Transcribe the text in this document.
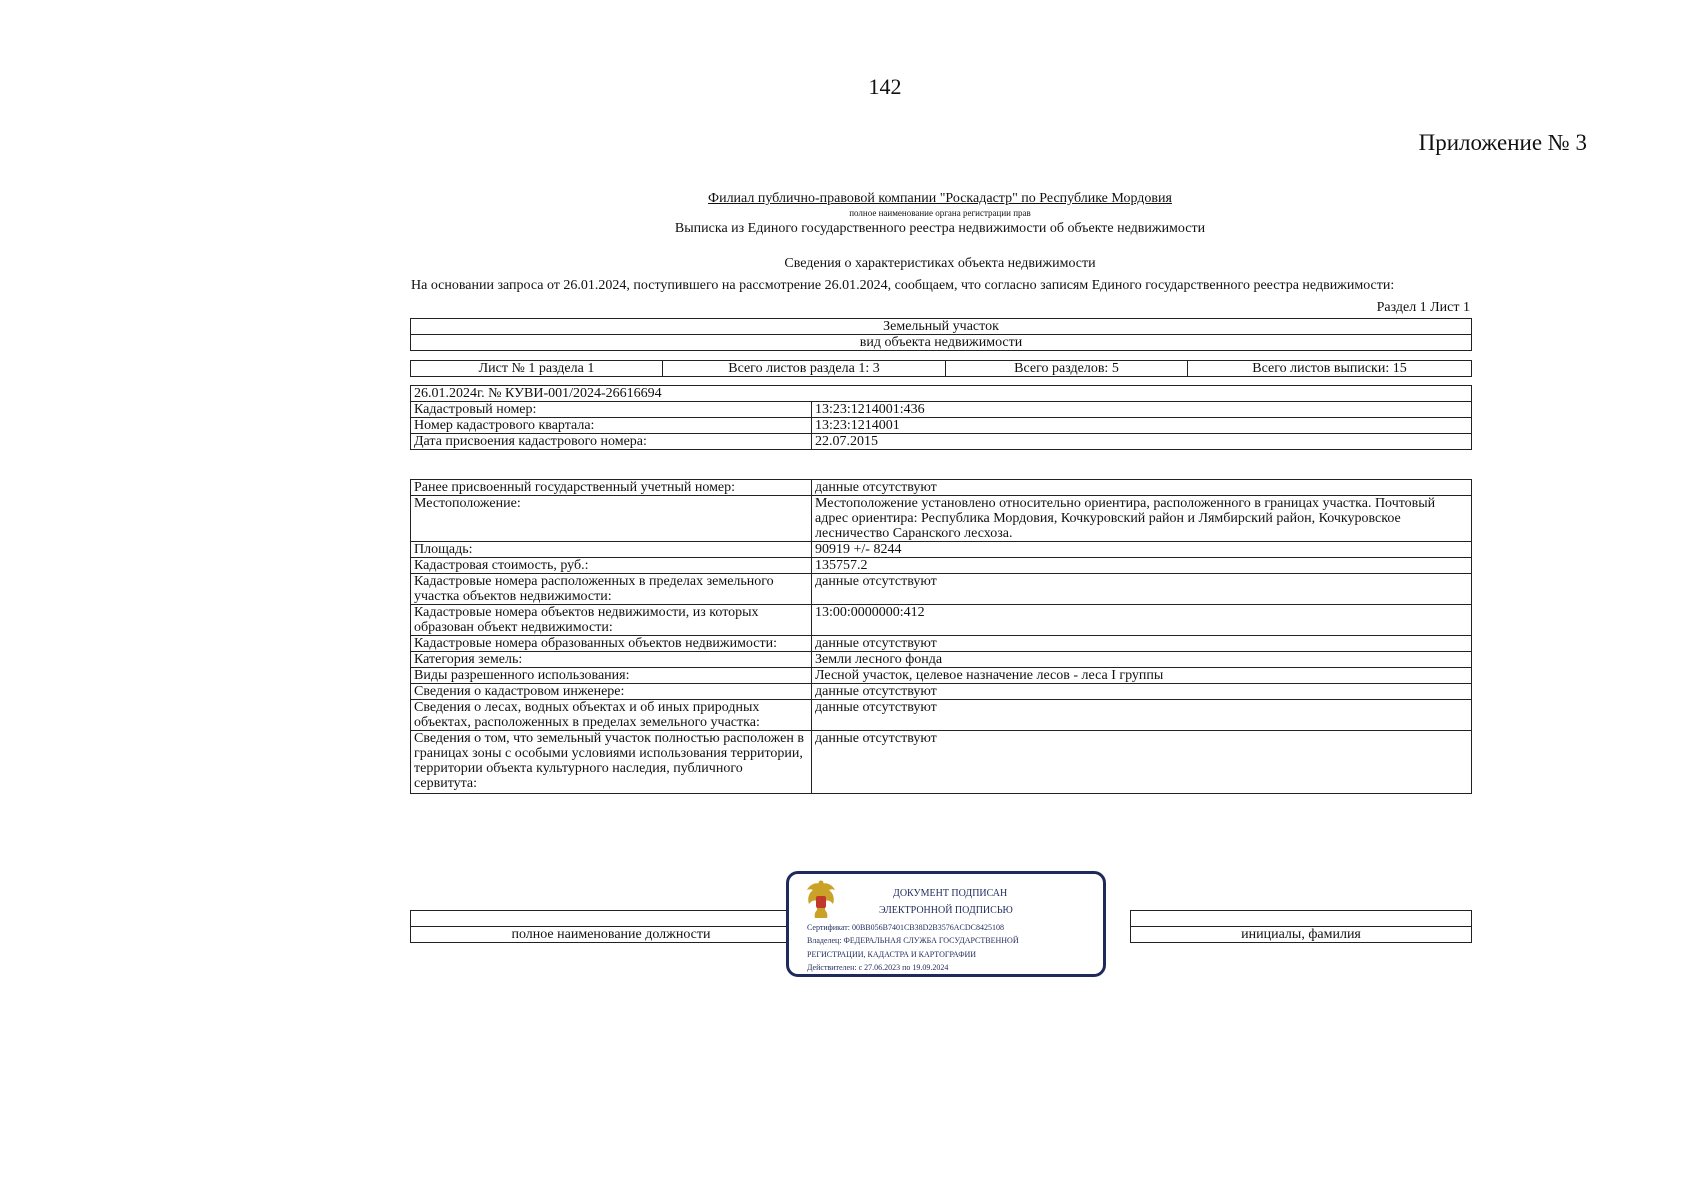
142
Приложение № 3
Филиал публично-правовой компании "Роскадастр" по Республике Мордовия
полное наименование органа регистрации прав
Выписка из Единого государственного реестра недвижимости об объекте недвижимости
Сведения о характеристиках объекта недвижимости
На основании запроса от 26.01.2024, поступившего на рассмотрение 26.01.2024, сообщаем, что согласно записям Единого государственного реестра недвижимости:
Раздел 1 Лист 1
Земельный участок
вид объекта недвижимости
Лист № 1 раздела 1	Всего листов раздела 1: 3	Всего разделов: 5	Всего листов выписки: 15
26.01.2024г. № КУВИ-001/2024-26616694	
Кадастровый номер:	13:23:1214001:436
Номер кадастрового квартала:	13:23:1214001
Дата присвоения кадастрового номера:	22.07.2015
Ранее присвоенный государственный учетный номер:	данные отсутствуют
Местоположение:	Местоположение установлено относительно ориентира, расположенного в границах участка. Почтовый адрес ориентира: Республика Мордовия, Кочкуровский район и Лямбирский район, Кочкуровское лесничество Саранского лесхоза.
Площадь:	90919 +/- 8244
Кадастровая стоимость, руб.:	135757.2
Кадастровые номера расположенных в пределах земельного участка объектов недвижимости:	данные отсутствуют
Кадастровые номера объектов недвижимости, из которых образован объект недвижимости:	13:00:0000000:412
Кадастровые номера образованных объектов недвижимости:	данные отсутствуют
Категория земель:	Земли лесного фонда
Виды разрешенного использования:	Лесной участок, целевое назначение лесов - леса I группы
Сведения о кадастровом инженере:	данные отсутствуют
Сведения о лесах, водных объектах и об иных природных объектах, расположенных в пределах земельного участка:	данные отсутствуют
Сведения о том, что земельный участок полностью расположен в границах зоны с особыми условиями использования территории, территории объекта культурного наследия, публичного сервитута:	данные отсутствуют

полное наименование должности		инициалы, фамилия
ДОКУМЕНТ ПОДПИСАН
ЭЛЕКТРОННОЙ ПОДПИСЬЮ
Сертификат: 00BB056B7401CB38D2B3576ACDC8425108
Владелец: ФЕДЕРАЛЬНАЯ СЛУЖБА ГОСУДАРСТВЕННОЙ
РЕГИСТРАЦИИ, КАДАСТРА И КАРТОГРАФИИ
Действителен: с 27.06.2023 по 19.09.2024
